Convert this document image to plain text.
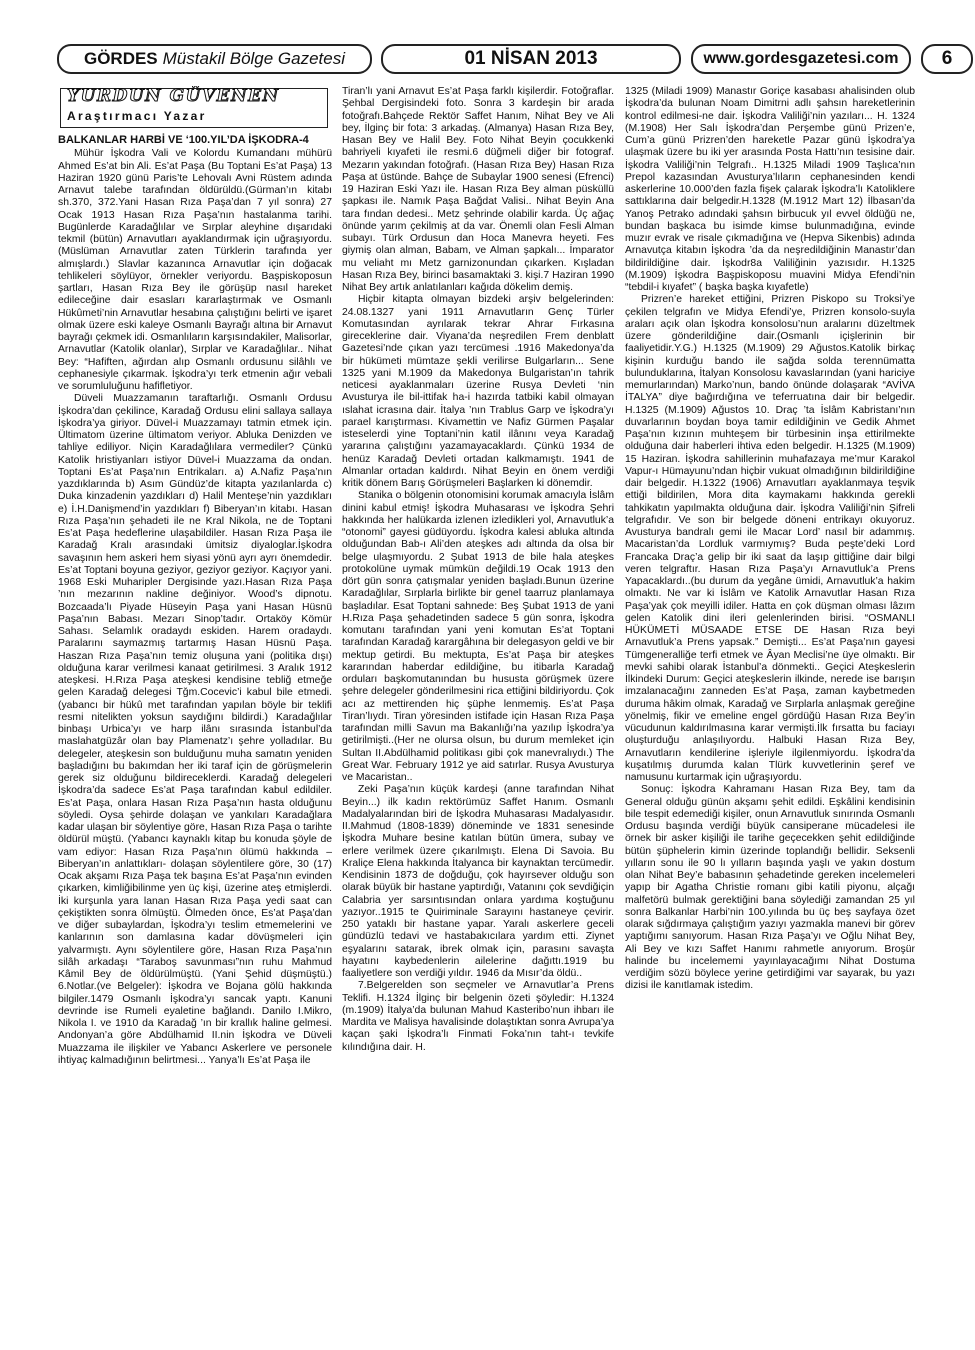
GÖRDES Müstakil Bölge Gazetesi	01 NİSAN 2013	www.gordesgazetesi.com	6
YURDUN GÜVENEN
Araştırmacı Yazar
BALKANLAR HARBİ VE ‘100.YIL’DA İŞKODRA-4

Mühür İşkodra Vali ve Kolordu Kumandanı mühürü Ahmed Es’at bin Ali. Es’at Paşa (Bu Toptani Es’at Paşa) 13 Haziran 1920 günü Paris’te Lehovalı Avni Rüstem adında Arnavut talebe tarafından öldürüldü.(Gürman’ın kitabı sh.370, 372.Yani Hasan Rıza Paşa’dan 7 yıl sonra) 27 Ocak 1913 Hasan Rıza Paşa’nın hastalanma tarihi. Bugünlerde Karadağlılar ve Sırplar aleyhine dışarıdaki tekmil (bütün) Arnavutları ayaklandırmak için uğraşıyordu. (Müslüman Arnavutlar zaten Türklerin tarafında yer almışlardı.) Slavlar kazanınca Arnavutlar için doğacak tehlikeleri söylüyor, örnekler veriyordu. Başpiskoposun şartları, Hasan Rıza Bey ile görüşüp nasıl hareket edileceğine dair esasları kararlaştırmak ve Osmanlı Hükûmeti’nin Arnavutlar hesabına çalıştığını belirti ve işaret olmak üzere eski kaleye Osmanlı Bayrağı altına bir Arnavut bayrağı çekmek idi. Osmanlıların karşısındakiler, Malisorlar, Arnavutlar (Katolik olanlar), Sırplar ve Karadağlılar.. Nihat Bey: “Hafiften, ağırdan alıp Osmanlı ordusunu silâhlı ve cephanesiyle çıkarmak. İşkodra’yı terk etmenin ağır vebali ve sorumluluğunu hafifletiyor.

Düveli Muazzamanın taraftarlığı. Osmanlı Ordusu İşkodra’dan çekilince, Karadağ Ordusu elini sallaya sallaya İşkodra’ya giriyor. Düvel-i Muazzamayı tatmin etmek için. Ültimatom üzerine ültimatom veriyor. Abluka Denizden ve tahliye ediliyor. Niçin Karadağlılara vermediler? Çünkü Katolik hristiyanları istiyor Düvel-i Muazzama da ondan. Toptani Es’at Paşa’nın Entrikaları. a) A.Nafiz Paşa’nın yazdıklarında b) Asım Gündüz’de kitapta yazılanlarda c) Duka kinzadenin yazdıkları d) Halil Menteşe’nin yazdıkları e) İ.H.Danişmend’in yazdıkları f) Biberyan’ın kitabı. Hasan Rıza Paşa’nın şehadeti ile ne Kral Nikola, ne de Toptani Es’at Paşa hedeflerine ulaşabildiler. Hasan Rıza Paşa ile Karadağ Kralı arasındaki ümitsiz diyaloglar.İşkodra savaşının hem askeri hem siyasi yönü ayrı ayrı önemdedir. Es’at Toptani boyuna geziyor, geziyor geziyor. Kaçıyor yani. 1968 Eski Muharipler Dergisinde yazı.Hasan Rıza Paşa ’nın mezarının nakline değiniyor. Wood’s dipnotu. Bozcaada’lı Piyade Hüseyin Paşa yani Hasan Hüsnü Paşa’nın Babası. Mezarı Sinop’tadır. Ortaköy Kömür Sahası. Selamlık oradaydı eskiden. Harem oradaydı. Paralarını saymazmış tartarmış Hasan Hüsnü Paşa. Haszan Rıza Paşa’nın temiz oluşuna yani (politika dışı) olduğuna karar verilmesi kanaat getirilmesi. 3 Aralık 1912 ateşkesi. H.Rıza Paşa ateşkesi kendisine tebliğ etmeğe gelen Karadağ delegesi Tğm.Cocevic’i kabul bile etmedi.(yabancı bir hükû met tarafından yapılan böyle bir teklifi resmi nitelikten yoksun saydığını bildirdi.) Karadağlılar binbaşı Urbica’yı ve harp ilânı sırasında İstanbul’da maslahatgüzâr olan bay Plamenatz’ı şehre yolladılar. Bu delegeler, ateşkesin son bulduğunu muha samatın yeniden başladığını bu bakımdan her iki taraf için de görüşmelerin gerek siz olduğunu bildireceklerdi. Karadağ delegeleri İşkodra’da sadece Es’at Paşa tarafından kabul edildiler. Es’at Paşa, onlara Hasan Rıza Paşa’nın hasta olduğunu söyledi. Oysa şehirde dolaşan ve yankıları Karadağlara kadar ulaşan bir söylentiye göre, Hasan Rıza Paşa o tarihte öldürül müştü. (Yabancı kaynaklı kitap bu konuda şöyle de vam ediyor: Hasan Rıza Paşa’nın ölümü hakkında –Biberyan’ın anlattıkları- dolaşan söylentilere göre, 30 (17) Ocak akşamı Rıza Paşa tek başına Es’at Paşa’nın evinden çıkarken, kimliğibilinme yen üç kişi, üzerine ateş etmişlerdi. İki kurşunla yara lanan Hasan Rıza Paşa yedi saat can çekiştikten sonra ölmüştü. Ölmeden önce, Es’at Paşa’dan ve diğer subaylardan, İşkodra’yı teslim etmemelerini ve kanlarının son damlasına kadar dövüşmeleri için yalvarmıştı. Aynı söylentilere göre, Hasan Rıza Paşa’nın silâh arkadaşı “Taraboş savunması”nın ruhu Mahmud Kâmil Bey de öldürülmüştü. (Yani Şehid düşmüştü.) 6.Notlar.(ve Belgeler): İşkodra ve Bojana gölü hakkında bilgiler.1479 Osmanlı İşkodra’yı sancak yaptı. Kanuni devrinde ise Rumeli eyaletine bağlandı. Danilo I.Mikro, Nikola I. ve 1910 da Karadağ ’ın bir krallık haline gelmesi. Andonyan’a göre Abdülhamid II.nin İşkodra ve Düveli Muazzama ile ilişkiler ve Yabancı Askerlere ve personele ihtiyaç kalmadığının belirtmesi... Yanya’lı Es’at Paşa ile

Tiran’lı yani Arnavut Es’at Paşa farklı kişilerdir. Fotoğraflar. Şehbal Dergisindeki foto. Sonra 3 kardeşin bir arada fotoğrafı.Bahçede Rektör Saffet Hanım, Nihat Bey ve Ali bey, İlginç bir fota: 3 arkadaş. (Almanya) Hasan Rıza Bey, Hasan Bey ve Halil Bey. Foto Nihat Beyin çocukkenki bahriyeli kıyafeti ile resmi.6 düğmeli diğer bir fotograf. Mezarın yakından fotoğrafı. (Hasan Rıza Bey) Hasan Rıza Paşa at üstünde. Bahçe de Subaylar 1900 senesi (Efrenci) 19 Haziran Eski Yazı ile. Hasan Rıza Bey alman püsküllü şapkası ile. Namık Paşa Bağdat Valisi.. Nihat Beyin Ana tara fından dedesi.. Metz şehrinde olabilir karda. Üç ağaç önünde yarım çekilmiş at da var. Önemli olan Fesli Alman subayı. Türk Ordusun dan Hoca Manevra heyeti. Fes giymiş olan alman, Babam, ve Alman şapkalı... İmparator mu veliaht mı Metz garnizonundan çıkarken. Kışladan Hasan Rıza Bey, birinci basamaktaki 3. kişi.7 Haziran 1990 Nihat Bey artık anlatılanları kağıda dökelim demiş.

Hiçbir kitapta olmayan bizdeki arşiv belgelerinden: 24.08.1327 yani 1911 Arnavutların Genç Türler Komutasından ayrılarak tekrar Ahrar Fırkasına gireceklerine dair. Viyana’da neşredilen Frem denblatt Gazetesi’nde çıkan yazı tercümesi .1916 Makedonya’da bir hükümeti mümtaze şekli verilirse Bulgarların... Sene 1325 yani M.1909 da Makedonya Bulgaristan’ın tahrik neticesi ayaklanmaları üzerine Rusya Devleti ‘nin Avusturya ile bil-ittifak ha-i hazırda tatbiki kabil olmayan ıslahat icrasına dair. İtalya ’nın Trablus Garp ve İşkodra’yı parael karıştırması. Kivamettin ve Nafiz Gürmen Paşalar isteselerdi yine Toptani’nin katil ilânını veya Karadağ yararına çalıştığını yazamayacaklardı. Çünkü 1934 de henüz Karadağ Devleti ortadan kalkmamıştı. 1941 de Almanlar ortadan kaldırdı. Nihat Beyin en önem verdiği kritik dönem Barış Görüşmeleri Başlarken ki dönemdir.

Stanika o bölgenin otonomisini korumak amacıyla İslâm dinini kabul etmiş! İşkodra Muhasarası ve İşkodra Şehri hakkında her halükarda izlenen izledikleri yol, Arnavutluk’a “otonomi” gayesi güdüyordu. İşkodra kalesi abluka altında olduğundan Bab-ı Ali’den ateşkes adı altında da olsa bir belge ulaşmıyordu. 2 Şubat 1913 de bile hala ateşkes protokolüne uymak mümkün değildi.19 Ocak 1913 den dört gün sonra çatışmalar yeniden başladı.Bunun üzerine Karadağlılar, Sırplarla birlikte bir genel taarruz planlamaya başladılar. Esat Toptani sahnede: Beş Şubat 1913 de yani H.Rıza Paşa şehadetinden sadece 5 gün sonra, İşkodra komutanı tarafından yani yeni komutan Es’at Toptani tarafından Karadağ karargâhına bir delegasyon geldi ve bir mektup getirdi. Bu mektupta, Es’at Paşa bir ateşkes kararından haberdar edildiğine, bu itibarla Karadağ orduları başkomutanından bu hususta görüşmek üzere şehre delegeler gönderilmesini rica ettiğini bildiriyordu. Çok acı az mettirenden hiç şüphe lenmemiş. Es’at Paşa Tiran’lıydı. Tiran yöresinden istifade için Hasan Rıza Paşa tarafından milli Savun ma Bakanlığı’na yazılıp İşkodra’ya getirilmişti..(Her ne olursa olsun, bu durum memleket için Sultan II.Abdülhamid politikası gibi çok manevralıydı.) The Great War. February 1912 ye aid satırlar. Rusya Avusturya ve Macaristan..

Zeki Paşa’nın küçük kardeşi (anne tarafından Nihat Beyin...) ilk kadın rektörümüz Saffet Hanım. Osmanlı Madalyalarından biri de İşkodra Muhasarası Madalyasıdır. II.Mahmud (1808-1839) döneminde ve 1831 senesinde İşkodra Muhare besine katılan bütün ümera, subay ve erlere verilmek üzere çıkarılmıştı. Elena Di Savoia. Bu Kraliçe Elena hakkında İtalyanca bir kaynaktan tercümedir. Kendisinin 1873 de doğduğu, çok hayırsever olduğu son olarak büyük bir hastane yaptırdığı, Vatanını çok sevdiğiçin Calabria yer sarsıntısından onlara yardıma koştuğunu yazıyor..1915 te Quiriminale Sarayını hastaneye çevirir. 250 yataklı bir hastane yapar. Yaralı askerlere geceli gündüzlü tedavi ve hastabakıcılara yardım etti. Ziynet eşyalarını satarak, ibrek olmak için, parasını savaşta hayatını kaybedenlerin ailelerine dağıttı.1919 bu faaliyetlere son verdiği yıldır. 1946 da Mısır’da öldü..

7.Belgerelden son seçmeler ve Arnavutlar’a Prens Teklifi. H.1324 İlginç bir belgenin özeti şöyledir: H.1324 (m.1909) İtalya’da bulunan Mahud Kasteribo’nun ihbarı ile Mardita ve Malisya havalisinde dolaştıktan sonra Avrupa’ya kaçan şaki İşkodra’lı Finmati Foka’nın taht-ı tevkife kılındığına dair. H.

1325 (Miladi 1909) Manastır Goriçe kasabası ahalisinden olub İşkodra’da bulunan Noam Dimitrni adlı şahsın hareketlerinin kontrol edilmesi-ne dair. İşkodra Valiliği’nin yazıları... H. 1324 (M.1908) Her Salı İşkodra’dan Perşembe günü Prizen’e, Cum’a günü Prizren’den hareketle Pazar günü İşkodra’ya ulaşmak üzere bu iki yer arasında Posta Hattı’nın tesisine dair. İşkodra Valiliği’nin Telgrafı.. H.1325 Miladi 1909 Taşlıca’nın Prepol kazasından Avusturya’lıların cephanesinden kendi askerlerine 10.000’den fazla fişek çalarak İşkodra’lı Katoliklere sattıklarına dair belgedir.H.1328 (M.1912 Mart 12) İlbasan’da Yanoş Petrako adındaki şahsın birbucuk yıl evvel öldüğü ne, bundan başkaca bu isimde kimse bulunmadığına, evinde muzır evrak ve risale çıkmadığına ve (Hepva Sikenbis) adında Arnavutça kitabın İşkodra ’da da neşredildiğinin Manastır’dan bildirildiğine dair. İşkodr8a Valiliğinin yazısıdır. H.1325 (M.1909) İşkodra Başpiskoposu muavini Midya Efendi’nin “tebdil-i kıyafet” ( başka başka kıyafetle)

Prizren’e hareket ettiğini, Prizren Piskopo su Troksi’ye çekilen telgrafın ve Midya Efendi’ye, Prizren konsolo-suyla araları açık olan İşkodra konsolosu’nun aralarını düzeltmek üzere gönderildiğine dair.(Osmanlı içişlerinin bir faaliyetidir.Y.G.) H.1325 (M.1909) 29 Ağustos.Katolik birkaç kişinin kurduğu bando ile sağda solda terennümatta bulunduklarına, İtalyan Konsolosu kavaslarından (yani hariciye memurlarından) Marko’nun, bando önünde dolaşarak “AVİVA İTALYA” diye bağırdığına ve teferruatına dair bir belgedir. H.1325 (M.1909) Ağustos 10. Draç ’ta İslâm Kabristanı’nın duvarlarının boydan boya tamir edildiğinin ve Gedik Ahmet Paşa’nın kızının muhteşem bir türbesinin inşa ettirilmekte olduğuna dair haberleri ihtiva eden belgedir. H.1325 (M.1909) 15 Haziran. İşkodra sahillerinin muhafazaya me’mur Karakol Vapur-ı Hümayunu’ndan hiçbir vukuat olmadığının bildirildiğine dair belgedir. H.1322 (1906) Arnavutları ayaklanmaya teşvik ettiği bildirilen, Mora dita kaymakamı hakkında gerekli tahkikatın yapılmakta olduğuna dair. İşkodra Valiliği’nin Şifreli telgrafıdır. Ve son bir belgede döneni entrikayı okuyoruz. Avusturya bandralı gemi ile Macar Lord’ nasıl bir adammış. Macaristan’da Lordluk varmıymış? Buda peşte’deki Lord Francaka Draç’a gelip bir iki saat da laşıp gittiğine dair bilgi veren telgraftır. Hasan Rıza Paşa’yı Arnavutluk’a Prens Yapacaklardı..(bu durum da yegâne ümidi, Arnavutluk’a hakim olmaktı. Ne var ki İslâm ve Katolik Arnavutlar Hasan Rıza Paşa’yak çok meyilli idiler. Hatta en çok düşman olması lâzım gelen Katolik dini ileri gelenlerinden birisi. “OSMANLI HÜKÜMETİ MÜSAADE ETSE DE Hasan Rıza beyi Arnavutluk’a Prens yapsak.” Demişti... Es’at Paşa’nın gayesi Tümgeneralliğe terfi etmek ve Âyan Meclisi’ne üye olmaktı. Bir mevki sahibi olarak İstanbul’a dönmekti.. Geçici Ateşkeslerin İlkindeki Durum: Geçici ateşkeslerin ilkinde, nerede ise barışın imzalanacağını zanneden Es’at Paşa, zaman kaybetmeden duruma hâkim olmak, Karadağ ve Sırplarla anlaşmak gereğine yönelmiş, fikir ve emeline engel gördüğü Hasan Rıza Bey’in vücudunun kaldırılmasına karar vermişti.İlk fırsatta bu faciayı oluşturduğu anlaşılıyordu. Halbuki Hasan Rıza Bey, Arnavutların kendilerine işleriyle ilgilenmiyordu. İşkodra’da kuşatılmış durumda kalan Tlürk kuvvetlerinin şeref ve namusunu kurtarmak için uğraşıyordu.

Sonuç: İşkodra Kahramanı Hasan Rıza Bey, tam da General olduğu günün akşamı şehit edildi. Eşkâlini kendisinin bile tespit edemediği kişiler, onun Arnavutluk sınırında Osmanlı Ordusu başında verdiği büyük cansiperane mücadelesi ile örnek bir asker kişiliği ile tarihe geçecekken şehit edildiğinde bütün şüphelerin kimin üzerinde toplandığı bellidir. Seksenli yılların sonu ile 90 lı yılların başında yaşlı ve yakın dostum olan Nihat Bey’e babasının şehadetinde gereken incelemeleri yapıp bir Agatha Christie romanı gibi katili piyonu, alçağı malfetörü bulmak gerektiğini bana söylediği zamandan 25 yıl sonra Balkanlar Harbi’nin 100.yılında bu üç beş sayfaya özet olarak sığdırmaya çalıştığım yazıyı yazmakla manevi bir görev yaptığımı sanıyorum. Hasan Rıza Paşa’yı ve Oğlu Nihat Bey, Ali Bey ve kızı Saffet Hanımı rahmetle anıyorum. Broşür halinde bu incelememi yayınlayacağımı Nihat Dostuma verdiğim sözü böylece yerine getirdiğimi var sayarak, bu yazı dizisi ile kanıtlamak istedim.
